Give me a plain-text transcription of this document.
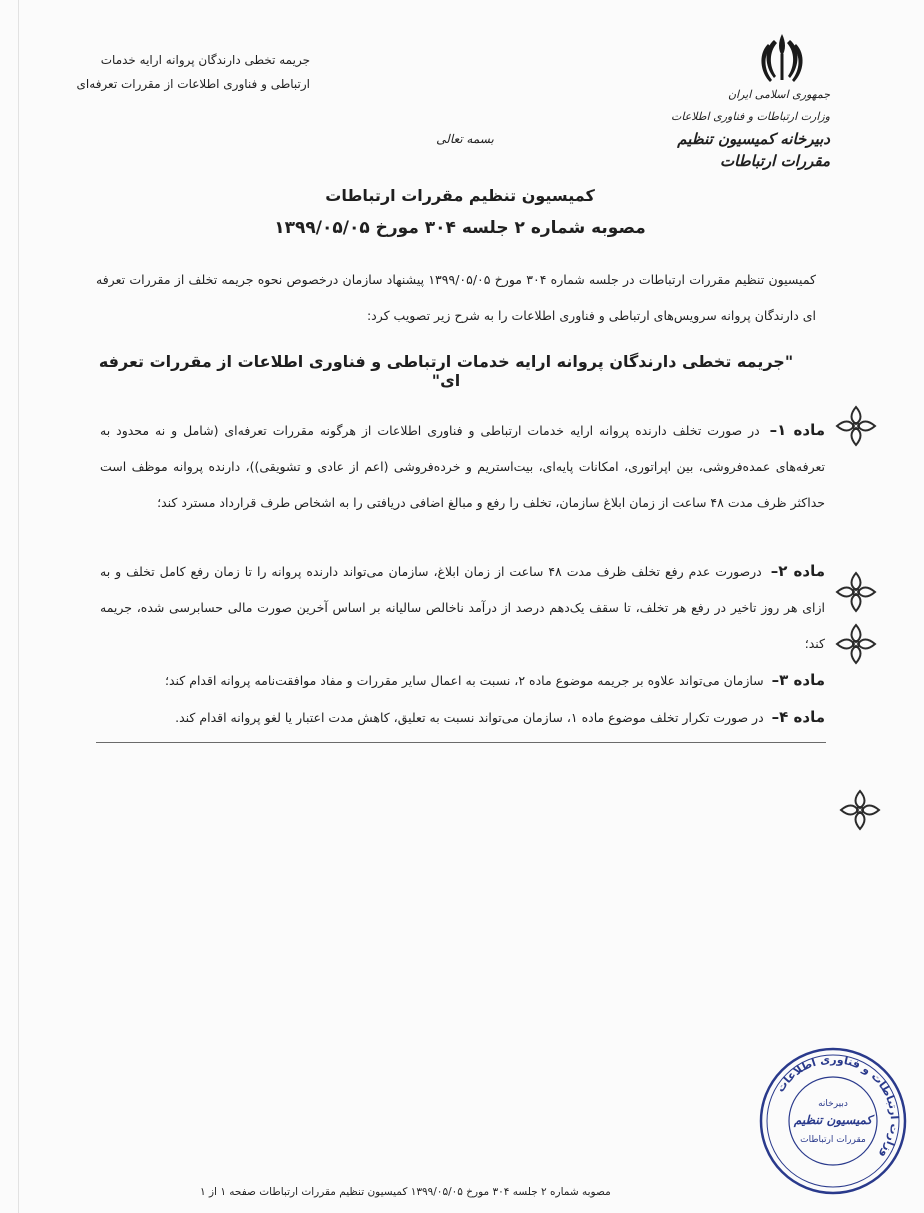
جریمه تخطی دارندگان پروانه ارایه خدمات
ارتباطی و فناوری اطلاعات از مقررات تعرفه‌ای
جمهوری اسلامی ایران
وزارت ارتباطات و فناوری اطلاعات
دبیرخانه کمیسیون تنظیم مقررات ارتباطات
بسمه تعالی
کمیسیون تنظیم مقررات ارتباطات
مصوبه شماره ۲ جلسه ۳۰۴ مورخ ۱۳۹۹/۰۵/۰۵
کمیسیون تنظیم مقررات ارتباطات در جلسه شماره ۳۰۴ مورخ ۱۳۹۹/۰۵/۰۵ پیشنهاد سازمان درخصوص نحوه جریمه تخلف از مقررات تعرفه ای دارندگان پروانه سرویس‌های ارتباطی و فناوری اطلاعات را به شرح زیر تصویب کرد:
"جریمه تخطی دارندگان پروانه ارایه خدمات ارتباطی و فناوری اطلاعات از مقررات تعرفه ای"
ماده ۱– در صورت تخلف دارنده پروانه ارایه خدمات ارتباطی و فناوری اطلاعات از هرگونه مقررات تعرفه‌ای (شامل و نه محدود به تعرفه‌های عمده‌فروشی، بین اپراتوری، امکانات پایه‌ای، بیت‌استریم و خرده‌فروشی (اعم از عادی و تشویقی))، دارنده پروانه موظف است حداکثر ظرف مدت ۴۸ ساعت از زمان ابلاغ سازمان، تخلف را رفع و مبالغ اضافی دریافتی را به اشخاص طرف قرارداد مسترد کند؛
ماده ۲– درصورت عدم رفع تخلف ظرف مدت ۴۸ ساعت از زمان ابلاغ، سازمان می‌تواند دارنده پروانه را تا زمان رفع کامل تخلف و به ازای هر روز تاخیر در رفع هر تخلف، تا سقف یک‌دهم درصد از درآمد ناخالص سالیانه بر اساس آخرین صورت مالی حسابرسی شده، جریمه کند؛
ماده ۳– سازمان می‌تواند علاوه بر جریمه موضوع ماده ۲، نسبت به اعمال سایر مقررات و مفاد موافقت‌نامه پروانه اقدام کند؛
ماده ۴– در صورت تکرار تخلف موضوع ماده ۱، سازمان می‌تواند نسبت به تعلیق، کاهش مدت اعتبار یا لغو پروانه اقدام کند.
وزارت ارتباطات و فناوری اطلاعات
دبیرخانه
کمیسیون تنظیم
مقررات ارتباطات
مصوبه شماره ۲ جلسه ۳۰۴ مورخ ۱۳۹۹/۰۵/۰۵ کمیسیون تنظیم مقررات ارتباطات صفحه ۱ از ۱
